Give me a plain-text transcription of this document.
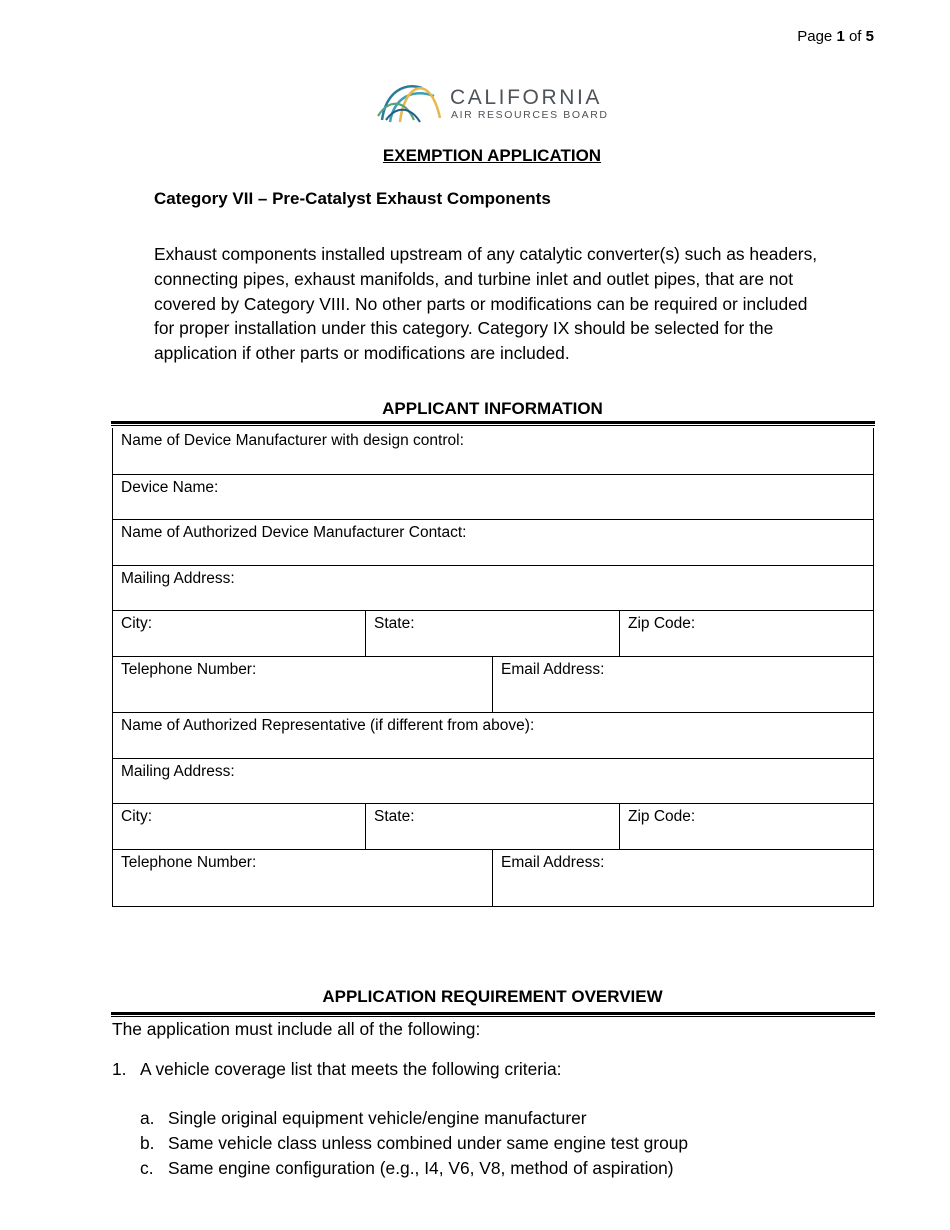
Page 1 of 5
CALIFORNIA
AIR RESOURCES BOARD
EXEMPTION APPLICATION
Category VII – Pre-Catalyst Exhaust Components
Exhaust components installed upstream of any catalytic converter(s) such as headers,
connecting pipes, exhaust manifolds, and turbine inlet and outlet pipes, that are not
covered by Category VIII. No other parts or modifications can be required or included
for proper installation under this category. Category IX should be selected for the
application if other parts or modifications are included.
APPLICANT INFORMATION
Name of Device Manufacturer with design control:			
Device Name:			
Name of Authorized Device Manufacturer Contact:			
Mailing Address:			
City:	State:		Zip Code:
Telephone Number:		Email Address:	
Name of Authorized Representative (if different from above):			
Mailing Address:			
City:	State:		Zip Code:
Telephone Number:		Email Address:	
APPLICATION REQUIREMENT OVERVIEW
The application must include all of the following:
1. A vehicle coverage list that meets the following criteria:
a. Single original equipment vehicle/engine manufacturer
b. Same vehicle class unless combined under same engine test group
c. Same engine configuration (e.g., I4, V6, V8, method of aspiration)
